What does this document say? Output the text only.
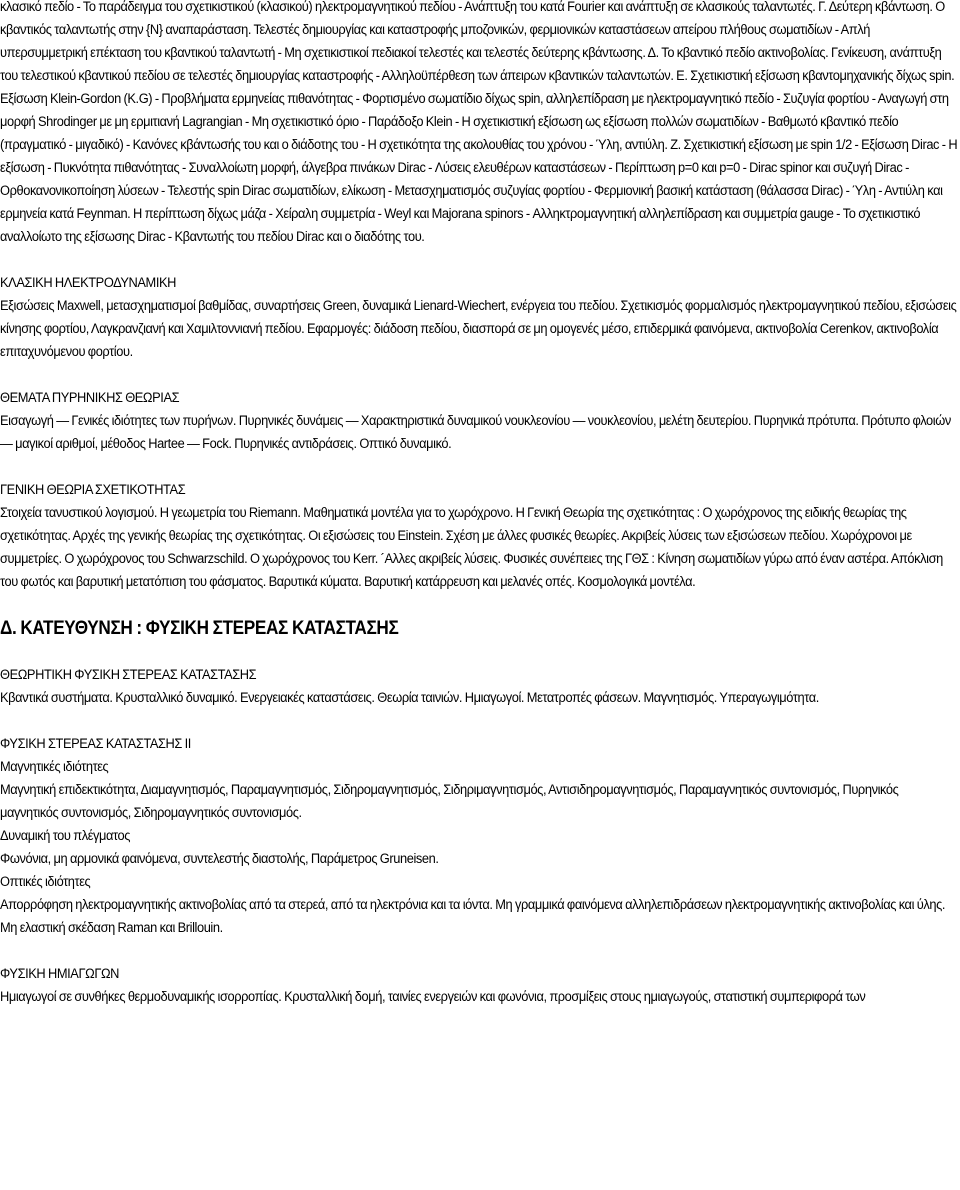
κλασικό πεδίο - Το παράδειγμα του σχετικιστικού (κλασικού) ηλεκτρομαγνητικού πεδίου - Ανάπτυξη του κατά Fourier και ανάπτυξη σε κλασικούς ταλαντωτές. Γ. Δεύτερη κβάντωση. Ο κβαντικός ταλαντωτής στην {N} αναπαράσταση. Τελεστές δημιουργίας και καταστροφής μποζονικών, φερμιονικών καταστάσεων απείρου πλήθους σωματιδίων - Απλή υπερσυμμετρική επέκταση του κβαντικού ταλαντωτή - Μη σχετικιστικοί πεδιακοί τελεστές και τελεστές δεύτερης κβάντωσης. Δ. Το κβαντικό πεδίο ακτινοβολίας. Γενίκευση, ανάπτυξη του τελεστικού κβαντικού πεδίου σε τελεστές δημιουργίας καταστροφής - Αλληλοϋπέρθεση των άπειρων κβαντικών ταλαντωτών. Ε. Σχετικιστική εξίσωση κβαντομηχανικής δίχως spin. Εξίσωση Klein-Gordon (K.G) - Προβλήματα ερμηνείας πιθανότητας - Φορτισμένο σωματίδιο δίχως spin, αλληλεπίδραση με ηλεκτρομαγνητικό πεδίο - Συζυγία φορτίου - Αναγωγή στη μορφή Shrodinger με μη ερμιτιανή Lagrangian - Μη σχετικιστικό όριο - Παράδοξο Klein - Η σχετικιστική εξίσωση ως εξίσωση πολλών σωματιδίων - Βαθμωτό κβαντικό πεδίο (πραγματικό - μιγαδικό) - Κανόνες κβάντωσής του και ο διάδοτης του - Η σχετικότητα της ακολουθίας του χρόνου - Ύλη, αντιύλη. Ζ. Σχετικιστική εξίσωση με spin 1/2 - Εξίσωση Dirac - Η εξίσωση - Πυκνότητα πιθανότητας - Συναλλοίωτη μορφή, άλγεβρα πινάκων Dirac - Λύσεις ελευθέρων καταστάσεων - Περίπτωση p=0 και p=0 - Dirac spinor και συζυγή Dirac - Ορθοκανονικοποίηση λύσεων - Τελεστής spin Dirac σωματιδίων, ελίκωση - Μετασχηματισμός συζυγίας φορτίου - Φερμιονική βασική κατάσταση (θάλασσα Dirac) - Ύλη - Αντιύλη και ερμηνεία κατά Feynman. Η περίπτωση δίχως μάζα - Χείραλη συμμετρία - Weyl και Majorana spinors - Αλληκτρομαγνητική αλληλεπίδραση και συμμετρία gauge - Το σχετικιστικό αναλλοίωτο της εξίσωσης Dirac - Κβαντωτής του πεδίου Dirac και ο διαδότης του.

ΚΛΑΣΙΚΗ ΗΛΕΚΤΡΟΔΥΝΑΜΙΚΗ

Εξισώσεις Maxwell, μετασχηματισμοί βαθμίδας, συναρτήσεις Green, δυναμικά Lienard-Wiechert, ενέργεια του πεδίου. Σχετικισμός φορμαλισμός ηλεκτρομαγνητικού πεδίου, εξισώσεις κίνησης φορτίου, Λαγκρανζιανή και Χαμιλτοννιανή πεδίου. Εφαρμογές: διάδοση πεδίου, διασπορά σε μη ομογενές μέσο, επιδερμικά φαινόμενα, ακτινοβολία Cerenkov, ακτινοβολία επιταχυνόμενου φορτίου.

ΘΕΜΑΤΑ ΠΥΡΗΝΙΚΗΣ ΘΕΩΡΙΑΣ

Εισαγωγή — Γενικές ιδιότητες των πυρήνων. Πυρηνικές δυνάμεις — Χαρακτηριστικά δυναμικού νουκλεονίου — νουκλεονίου, μελέτη δευτερίου. Πυρηνικά πρότυπα. Πρότυπο φλοιών — μαγικοί αριθμοί, μέθοδος Hartee — Fock. Πυρηνικές αντιδράσεις. Οπτικό δυναμικό.

ΓΕΝΙΚΗ ΘΕΩΡΙΑ ΣΧΕΤΙΚΟΤΗΤΑΣ

Στοιχεία τανυστικού λογισμού. Η γεωμετρία του Riemann. Μαθηματικά μοντέλα για το χωρόχρονο. Η Γενική Θεωρία της σχετικότητας : Ο χωρόχρονος της ειδικής θεωρίας της σχετικότητας. Αρχές της γενικής θεωρίας της σχετικότητας. Οι εξισώσεις του Einstein. Σχέση με άλλες φυσικές θεωρίες. Ακριβείς λύσεις των εξισώσεων πεδίου. Χωρόχρονοι με συμμετρίες. Ο χωρόχρονος του Schwarzschild. Ο χωρόχρονος του Kerr. ´Αλλες ακριβείς λύσεις. Φυσικές συνέπειες της ΓΘΣ : Κίνηση σωματιδίων γύρω από έναν αστέρα. Απόκλιση του φωτός και βαρυτική μετατόπιση του φάσματος. Βαρυτικά κύματα. Βαρυτική κατάρρευση και μελανές οπές. Κοσμολογικά μοντέλα.

Δ. ΚΑΤΕΥΘΥΝΣΗ : ΦΥΣΙΚΗ ΣΤΕΡΕΑΣ ΚΑΤΑΣΤΑΣΗΣ

ΘΕΩΡΗΤΙΚΗ ΦΥΣΙΚΗ ΣΤΕΡΕΑΣ ΚΑΤΑΣΤΑΣΗΣ

Κβαντικά συστήματα. Κρυσταλλικό δυναμικό. Ενεργειακές καταστάσεις. Θεωρία ταινιών. Ημιαγωγοί. Μετατροπές φάσεων. Μαγνητισμός. Υπεραγωγιμότητα.

ΦΥΣΙΚΗ ΣΤΕΡΕΑΣ ΚΑΤΑΣΤΑΣΗΣ ΙΙ

Μαγνητικές ιδιότητες

Μαγνητική επιδεκτικότητα, Διαμαγνητισμός, Παραμαγνητισμός, Σιδηρομαγνητισμός, Σιδηριμαγνητισμός, Αντισιδηρομαγνητισμός, Παραμαγνητικός συντονισμός, Πυρηνικός μαγνητικός συντονισμός, Σιδηρομαγνητικός συντονισμός.

Δυναμική του πλέγματος

Φωνόνια, μη αρμονικά φαινόμενα, συντελεστής διαστολής, Παράμετρος Gruneisen.

Οπτικές ιδιότητες

Απορρόφηση ηλεκτρομαγνητικής ακτινοβολίας από τα στερεά, από τα ηλεκτρόνια και τα ιόντα. Μη γραμμικά φαινόμενα αλληλεπιδράσεων ηλεκτρομαγνητικής ακτινοβολίας και ύλης. Μη ελαστική σκέδαση Raman και Brillouin.

ΦΥΣΙΚΗ ΗΜΙΑΓΩΓΩΝ

Ημιαγωγοί σε συνθήκες θερμοδυναμικής ισορροπίας. Κρυσταλλική δομή, ταινίες ενεργειών και φωνόνια, προσμίξεις στους ημιαγωγούς, στατιστική συμπεριφορά των
